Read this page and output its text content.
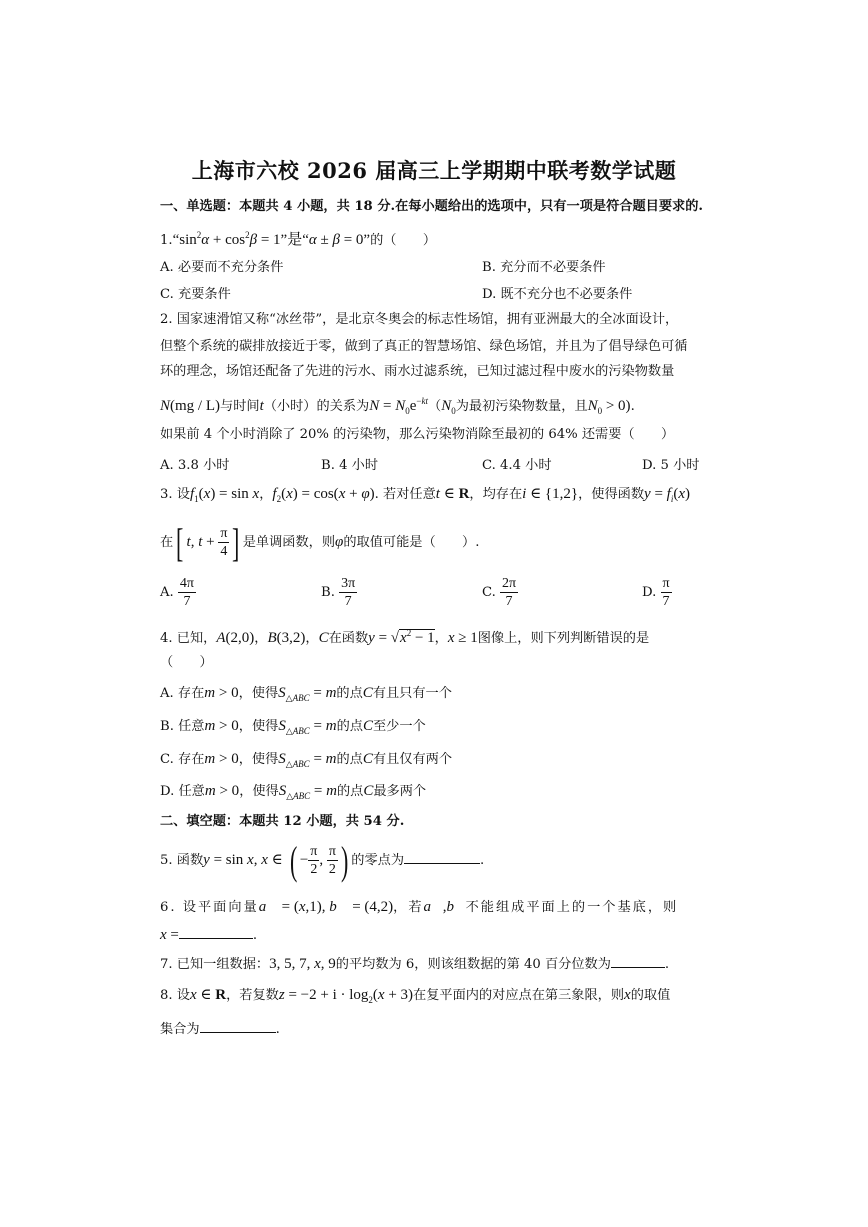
上海市六校 2026 届高三上学期期中联考数学试题
一、单选题：本题共 4 小题，共 18 分.在每小题给出的选项中，只有一项是符合题目要求的.
$1.“\sin^2\alpha + \cos^2\beta = 1$”是“α ± β = 0”的（　　）
A. 必要而不充分条件	B. 充分而不必要条件
C. 充要条件	D. 既不充分也不必要条件
2. 国家速滑馆又称“冰丝带”，是北京冬奥会的标志性场馆，拥有亚洲最大的全冰面设计，
但整个系统的碳排放接近于零，做到了真正的智慧场馆、绿色场馆，并且为了倡导绿色可循
环的理念，场馆还配备了先进的污水、雨水过滤系统，已知过滤过程中废水的污染物数量
N(mg / L)与时间t（小时）的关系为$N = N_0e^{-kt}(N_0$为最初污染物数量，且$N_0 > 0$).
如果前 4 个小时消除了 20% 的污染物，那么污染物消除至最初的 64% 还需要（　　）
A. 3.8 小时	B. 4 小时	C. 4.4 小时	D. 5 小时
3. 设$f_1(x) = \sin x$，$f_2(x) = \cos(x + \varphi)$. 若对任意t ∈ R，均存在i ∈ {1,2}，使得函数$y = f_i(x)$
在[ t, $t + \frac{\pi}{4}$ ] 是单调函数，则φ的取值可能是（　　）.
A. $\frac{4\pi}{7}$	B. $\frac{3\pi}{7}$	C. $\frac{2\pi}{7}$	D. $\frac{\pi}{7}$
4. 已知，A(2,0)，B(3,2)，C在函数$y = √x^2 - 1$，x ≥ 1图像上，则下列判断错误的是
（　　）
A. 存在m > 0，使得$S_{\triangle ABC} = m$的点C有且只有一个
B. 任意m > 0，使得$S_{\triangle ABC} = m$的点C至少一个
C. 存在m > 0，使得$S_{\triangle ABC} = m$的点C有且仅有两个
D. 任意m > 0，使得$S_{\triangle ABC} = m$的点C最多两个
二、填空题：本题共 12 小题，共 54 分.
5. 函数y = sin x, x ∈ ( − $\frac{\pi}{2}$ , $\frac{\pi}{2}$ ) 的零点为	.
6. 设平面向量a⃗ = (x,1), b⃗ = (4,2)，若a⃗,b⃗不能组成平面上的一个基底，则
x =	.
7. 已知一组数据：3, 5, 7, x, 9的平均数为 6，则该组数据的第 40 百分位数为	.
8. 设x ∈ R，若复数$z = -2 + i \cdot \log_2(x + 3)$在复平面内的对应点在第三象限，则x的取值
集合为	.
